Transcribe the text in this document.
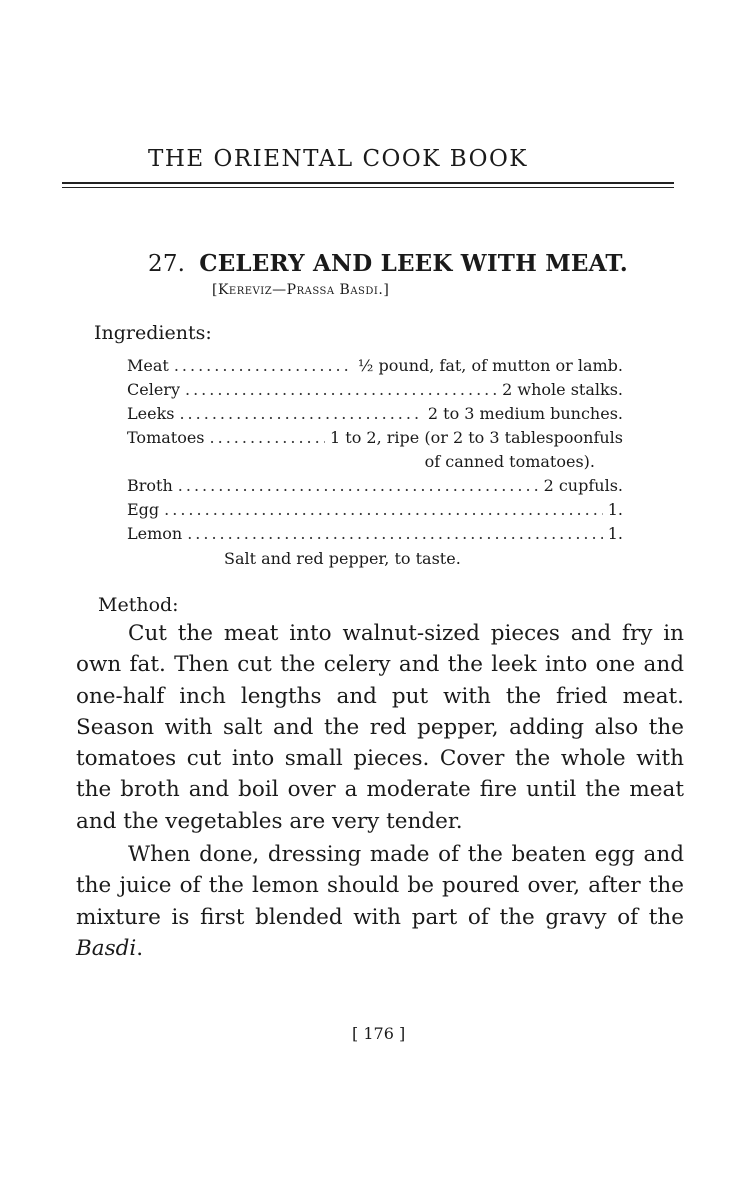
THE ORIENTAL COOK BOOK
27. CELERY AND LEEK WITH MEAT.
[Kereviz—Prassa Basdi.]
Ingredients:
Meat .....	½ pound, fat, of mutton or lamb.
Celery .....	2 whole stalks.
Leeks .....	2 to 3 medium bunches.
Tomatoes .....	1 to 2, ripe (or 2 to 3 tablespoonfuls
of canned tomatoes).
Broth .....	2 cupfuls.
Egg .....	1.
Lemon .....	1.
Salt and red pepper, to taste.
Method:

Cut the meat into walnut-sized pieces and fry in own fat. Then cut the celery and the leek into one and one-half inch lengths and put with the fried meat. Season with salt and the red pepper, adding also the tomatoes cut into small pieces. Cover the whole with the broth and boil over a moderate fire until the meat and the vegetables are very tender.

When done, dressing made of the beaten egg and the juice of the lemon should be poured over, after the mixture is first blended with part of the gravy of the Basdi.

[ 176 ]
